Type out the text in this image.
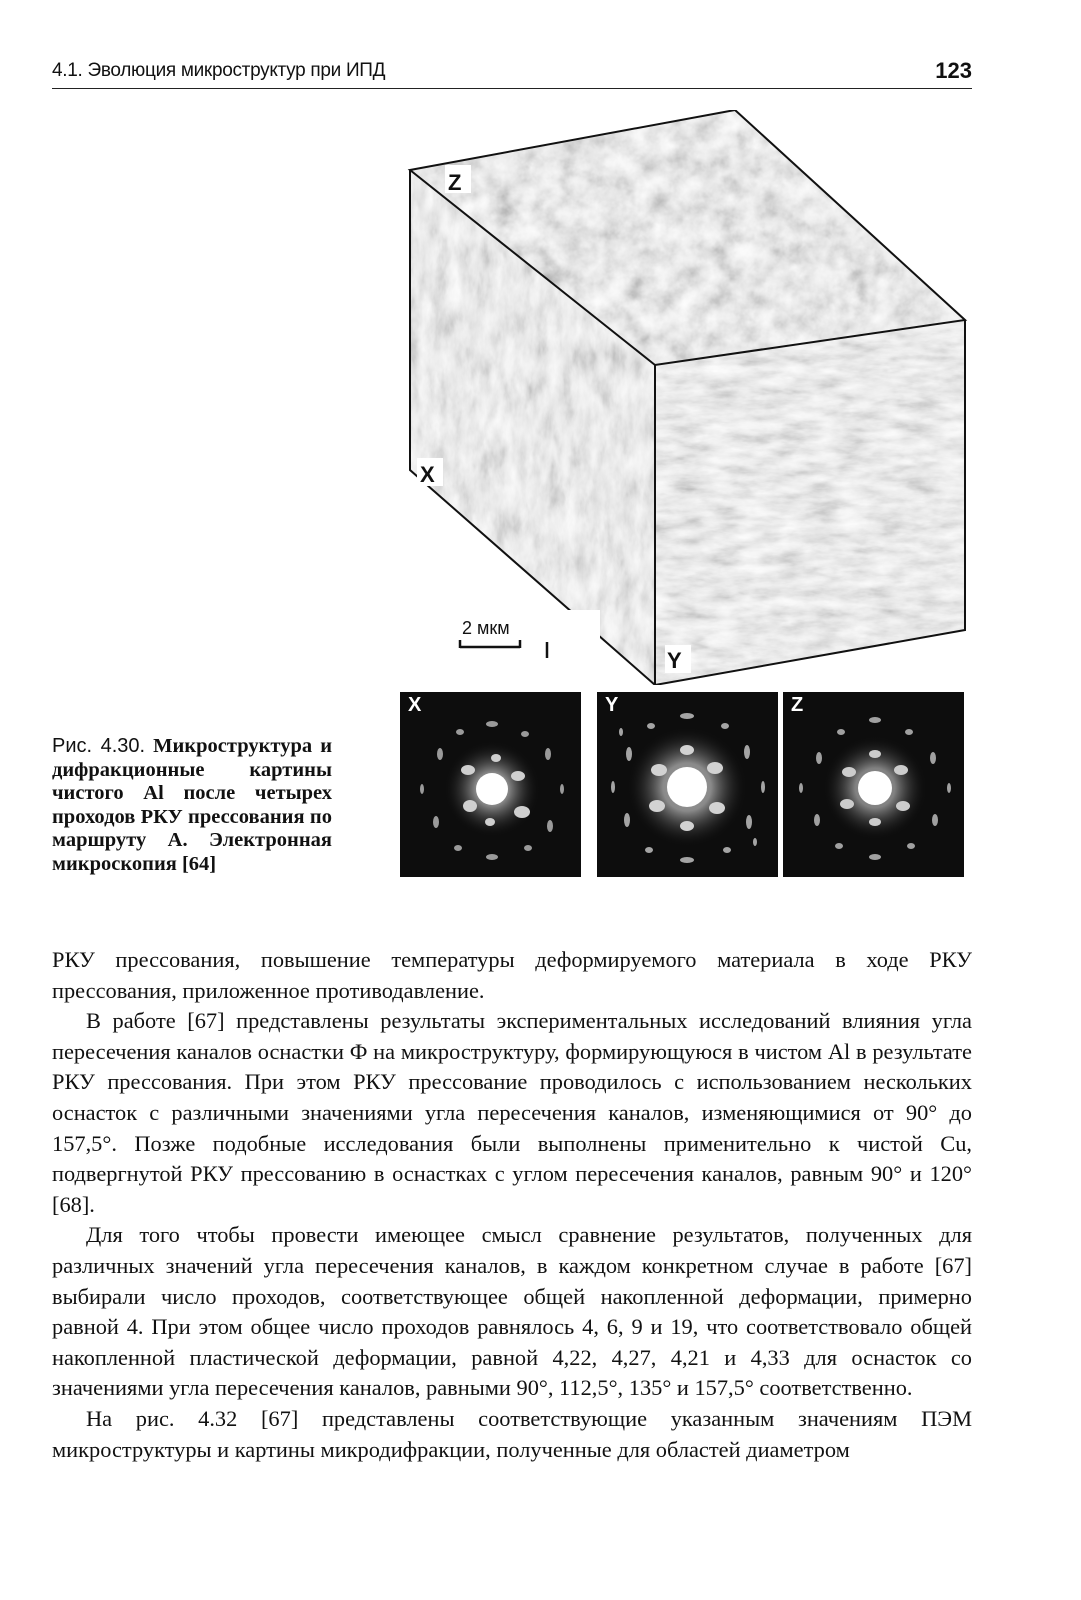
4.1. Эволюция микроструктур при ИПД	123
Z
X
Y
2 мкм
X	Y	Z
Рис. 4.30. Микроструктура и дифракционные картины чистого Al после четырех проходов РКУ прессования по маршруту А. Электронная микроскопия [64]

РКУ прессования, повышение температуры деформируемого материала в ходе РКУ прессования, приложенное противодавление.

В работе [67] представлены результаты экспериментальных исследований влияния угла пересечения каналов оснастки Ф на микроструктуру, формирующуюся в чистом Al в результате РКУ прессования. При этом РКУ прессование проводилось с использованием нескольких оснасток с различными значениями угла пересечения каналов, изменяющимися от 90° до 157,5°. Позже подобные исследования были выполнены применительно к чистой Cu, подвергнутой РКУ прессованию в оснастках с углом пересечения каналов, равным 90° и 120° [68].

Для того чтобы провести имеющее смысл сравнение результатов, полученных для различных значений угла пересечения каналов, в каждом конкретном случае в работе [67] выбирали число проходов, соответствующее общей накопленной деформации, примерно равной 4. При этом общее число проходов равнялось 4, 6, 9 и 19, что соответствовало общей накопленной пластической деформации, равной 4,22, 4,27, 4,21 и 4,33 для оснасток со значениями угла пересечения каналов, равными 90°, 112,5°, 135° и 157,5° соответственно.

На рис. 4.32 [67] представлены соответствующие указанным значениям ПЭМ микроструктуры и картины микродифракции, полученные для областей диаметром
